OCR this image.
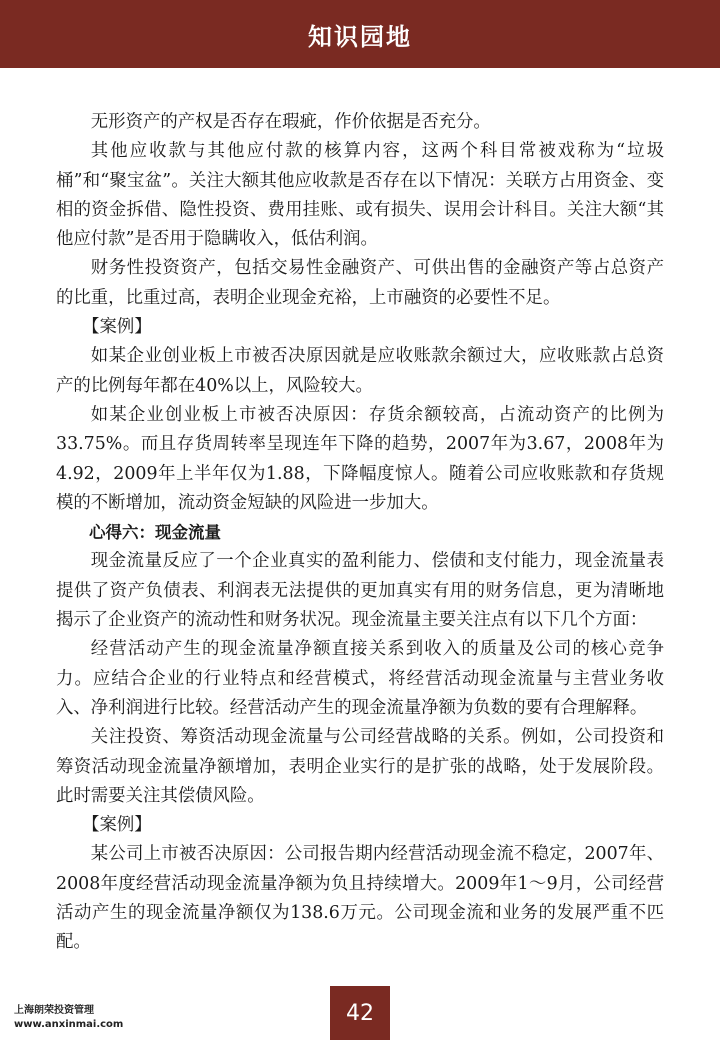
知识园地

无形资产的产权是否存在瑕疵，作价依据是否充分。

其他应收款与其他应付款的核算内容，这两个科目常被戏称为“垃圾桶”和“聚宝盆”。关注大额其他应收款是否存在以下情况：关联方占用资金、变相的资金拆借、隐性投资、费用挂账、或有损失、误用会计科目。关注大额“其他应付款”是否用于隐瞒收入，低估利润。

财务性投资资产，包括交易性金融资产、可供出售的金融资产等占总资产的比重，比重过高，表明企业现金充裕，上市融资的必要性不足。

【案例】

如某企业创业板上市被否决原因就是应收账款余额过大，应收账款占总资产的比例每年都在40%以上，风险较大。

如某企业创业板上市被否决原因：存货余额较高，占流动资产的比例为33.75%。而且存货周转率呈现连年下降的趋势，2007年为3.67，2008年为4.92，2009年上半年仅为1.88，下降幅度惊人。随着公司应收账款和存货规模的不断增加，流动资金短缺的风险进一步加大。

心得六：现金流量

现金流量反应了一个企业真实的盈利能力、偿债和支付能力，现金流量表提供了资产负债表、利润表无法提供的更加真实有用的财务信息，更为清晰地揭示了企业资产的流动性和财务状况。现金流量主要关注点有以下几个方面：

经营活动产生的现金流量净额直接关系到收入的质量及公司的核心竞争力。应结合企业的行业特点和经营模式，将经营活动现金流量与主营业务收入、净利润进行比较。经营活动产生的现金流量净额为负数的要有合理解释。

关注投资、筹资活动现金流量与公司经营战略的关系。例如，公司投资和筹资活动现金流量净额增加，表明企业实行的是扩张的战略，处于发展阶段。此时需要关注其偿债风险。

【案例】

某公司上市被否决原因：公司报告期内经营活动现金流不稳定，2007年、2008年度经营活动现金流量净额为负且持续增大。2009年1～9月，公司经营活动产生的现金流量净额仅为138.6万元。公司现金流和业务的发展严重不匹配。

上海朗荣投资管理
www.anxinmai.com	42
